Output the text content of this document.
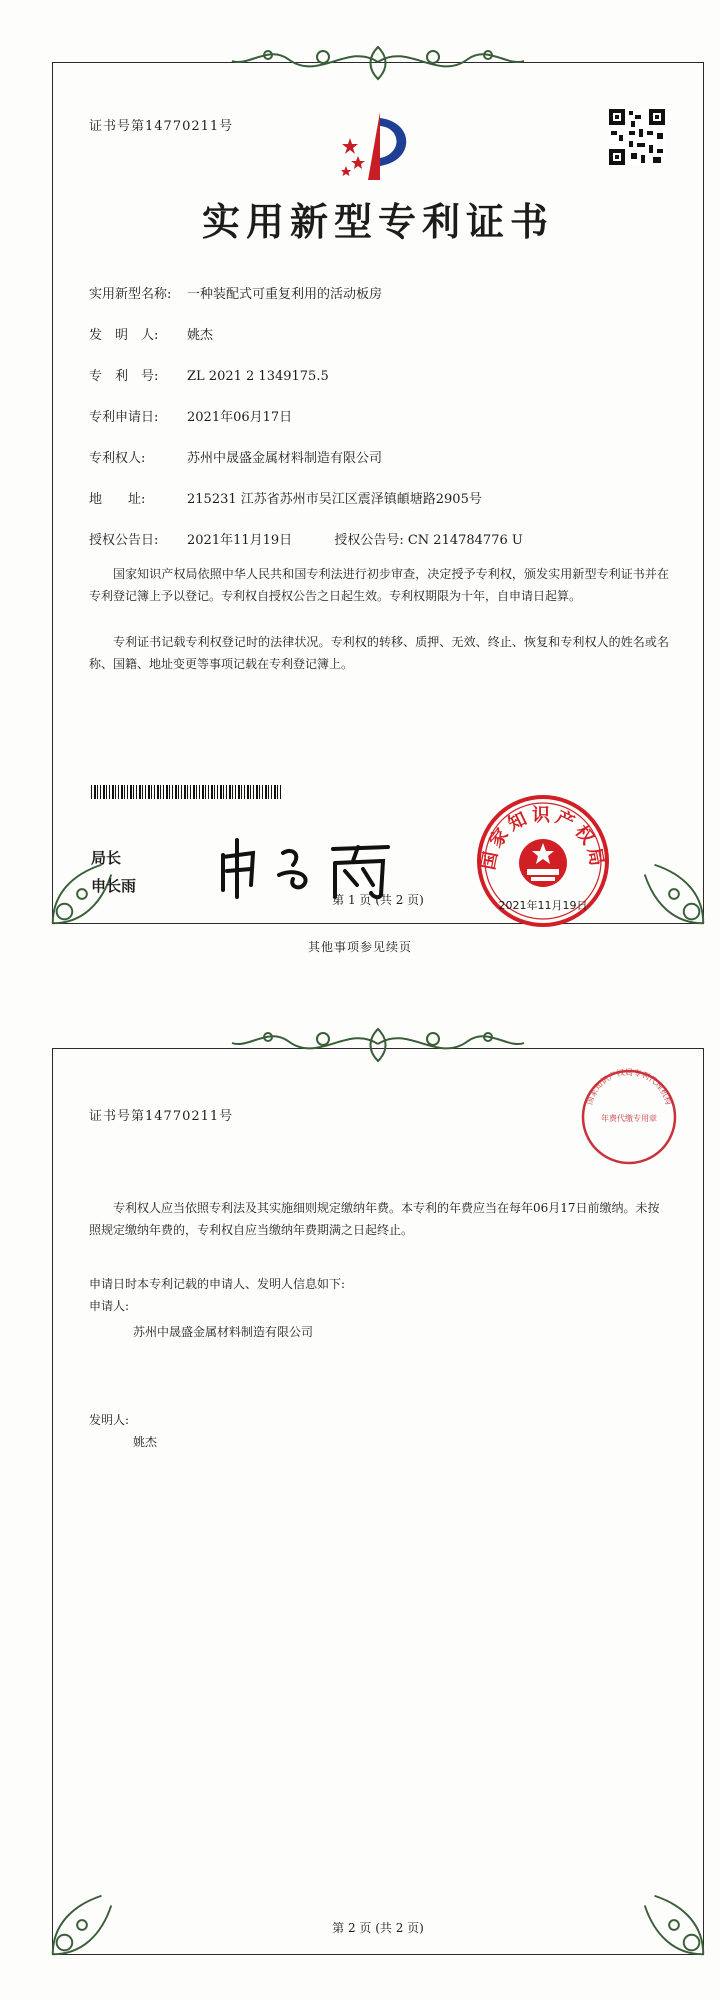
证书号第14770211号
实用新型专利证书
实用新型名称: 一种装配式可重复利用的活动板房
发　明　人: 姚杰
专　利　号: ZL 2021 2 1349175.5
专利申请日: 2021年06月17日
专利权人:	苏州中晟盛金属材料制造有限公司
地　　址:	215231 江苏省苏州市吴江区震泽镇頔塘路2905号
授权公告日: 2021年11月19日	授权公告号: CN 214784776 U
国家知识产权局依照中华人民共和国专利法进行初步审查，决定授予专利权，颁发实用新型专利证书并在专利登记簿上予以登记。专利权自授权公告之日起生效。专利权期限为十年，自申请日起算。
专利证书记载专利权登记时的法律状况。专利权的转移、质押、无效、终止、恢复和专利权人的姓名或名称、国籍、地址变更等事项记载在专利登记簿上。
局长
申长雨
国家知识产权局
2021年11月19日
第 1 页 (共 2 页)
其他事项参见续页
证书号第14770211号
国家知识产权局专利代理机构
年费代缴专用章
专利权人应当依照专利法及其实施细则规定缴纳年费。本专利的年费应当在每年06月17日前缴纳。未按照规定缴纳年费的，专利权自应当缴纳年费期满之日起终止。
申请日时本专利记载的申请人、发明人信息如下:
申请人:
苏州中晟盛金属材料制造有限公司
发明人:
姚杰
第 2 页 (共 2 页)
